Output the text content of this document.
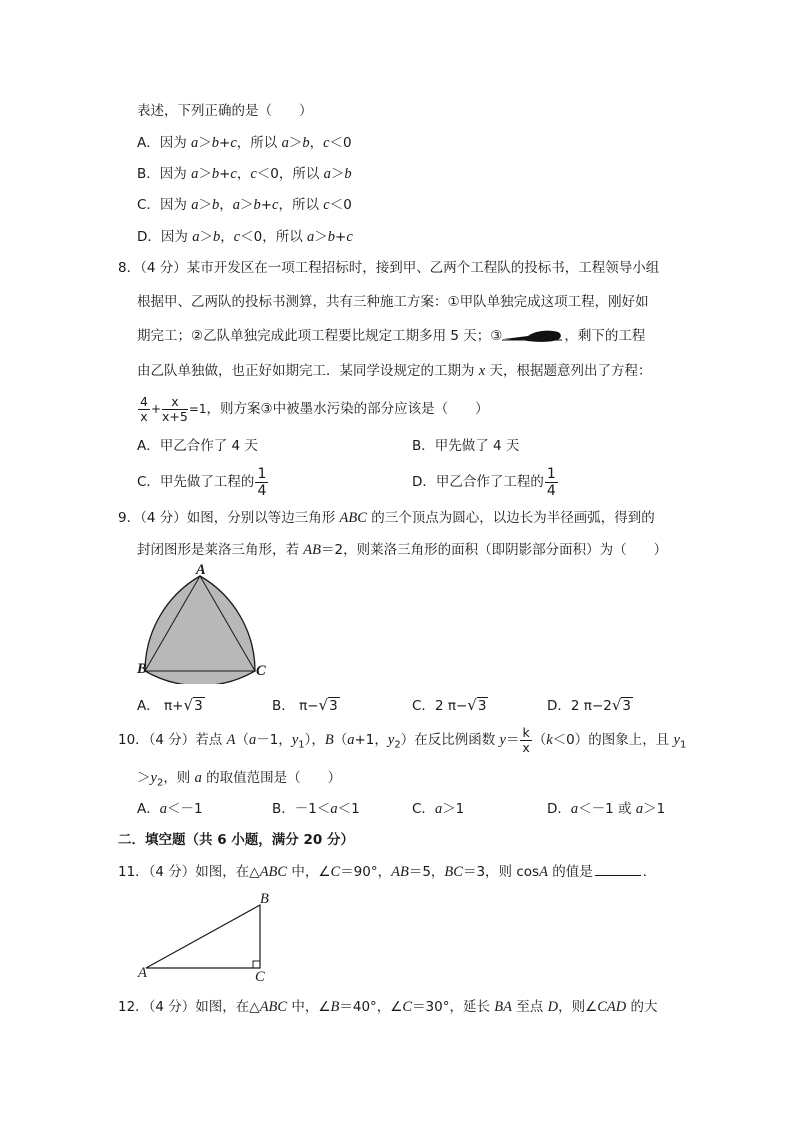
表述，下列正确的是（　　）
A．因为 a＞b+c，所以 a＞b，c＜0
B．因为 a＞b+c，c＜0，所以 a＞b
C．因为 a＞b，a＞b+c，所以 c＜0
D．因为 a＞b，c＜0，所以 a＞b+c
8．（4 分）某市开发区在一项工程招标时，接到甲、乙两个工程队的投标书，工程领导小组
根据甲、乙两队的投标书测算，共有三种施工方案：①甲队单独完成这项工程，刚好如
期完工；②乙队单独完成此项工程要比规定工期多用 5 天；③	，剩下的工程
由乙队单独做，也正好如期完工．某同学设规定的工期为 x 天，根据题意列出了方程：
$\frac{4}{x} + \frac{x}{x+5} =1$，则方案③中被墨水污染的部分应该是（　　）
A．甲乙合作了 4 天	B．甲先做了 4 天
C．甲先做了工程的 $\frac{1}{4}$	D．甲乙合作了工程的 $\frac{1}{4}$
9．（4 分）如图，分别以等边三角形 ABC 的三个顶点为圆心，以边长为半径画弧，得到的
封闭图形是莱洛三角形，若 AB＝2，则莱洛三角形的面积（即阴影部分面积）为（　　）
A
B	C
A． π+√3	B． π−√3	C．2 π−√3	D．2 π−2√3
10．（4 分）若点 A（a－1，$y_1$），B（a+1，$y_2$）在反比例函数 $y= \frac{k}{x} (k<0)$的图象上，且 $y_1$
$>y_2$，则 a 的取值范围是（　　）
A．a＜－1	B．－1＜a＜1	C．a＞1	D．a＜－1 或 a＞1
二．填空题（共 6 小题，满分 20 分）
11．（4 分）如图，在△ABC 中，∠C＝90°，AB＝5，BC＝3，则 cosA 的值是	．
A
B
C
12．（4 分）如图，在△ABC 中，∠B＝40°，∠C＝30°，延长 BA 至点 D，则∠CAD 的大
